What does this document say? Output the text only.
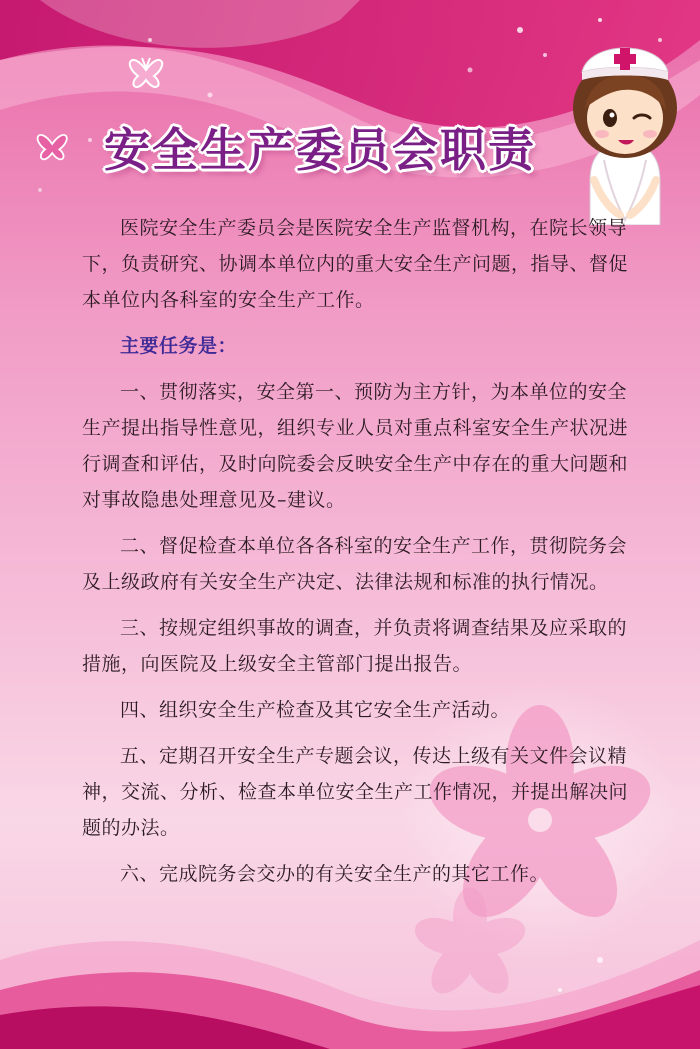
安全生产委员会职责

医院安全生产委员会是医院安全生产监督机构，在院长领导下，负责研究、协调本单位内的重大安全生产问题，指导、督促本单位内各科室的安全生产工作。

主要任务是：

一、贯彻落实，安全第一、预防为主方针，为本单位的安全生产提出指导性意见，组织专业人员对重点科室安全生产状况进行调查和评估，及时向院委会反映安全生产中存在的重大问题和对事故隐患处理意见及–建议。

二、督促检查本单位各各科室的安全生产工作，贯彻院务会及上级政府有关安全生产决定、法律法规和标准的执行情况。

三、按规定组织事故的调查，并负责将调查结果及应采取的措施，向医院及上级安全主管部门提出报告。

四、组织安全生产检查及其它安全生产活动。

五、定期召开安全生产专题会议，传达上级有关文件会议精神，交流、分析、检查本单位安全生产工作情况，并提出解决问题的办法。

六、完成院务会交办的有关安全生产的其它工作。
